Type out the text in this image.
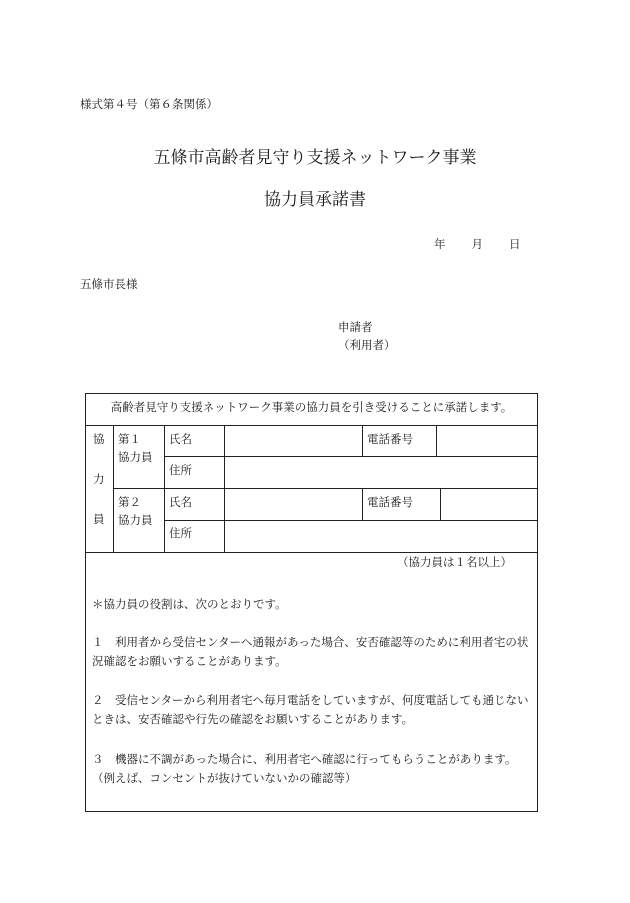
様式第４号（第６条関係）
五條市高齢者見守り支援ネットワーク事業
協力員承諾書
年 月 日
五條市長様
申請者
（利用者）
高齢者見守り支援ネットワーク事業の協力員を引き受けることに承諾します。
協
力
員
第１
協力員
氏名	電話番号
住所
第２
協力員
氏名	電話番号
住所
（協力員は１名以上）
＊協力員の役割は、次のとおりです。
１　利用者から受信センターへ通報があった場合、安否確認等のために利用者宅の状況確認をお願いすることがあります。
２　受信センターから利用者宅へ毎月電話をしていますが、何度電話しても通じないときは、安否確認や行先の確認をお願いすることがあります。
３　機器に不調があった場合に、利用者宅へ確認に行ってもらうことがあります。（例えば、コンセントが抜けていないかの確認等）
